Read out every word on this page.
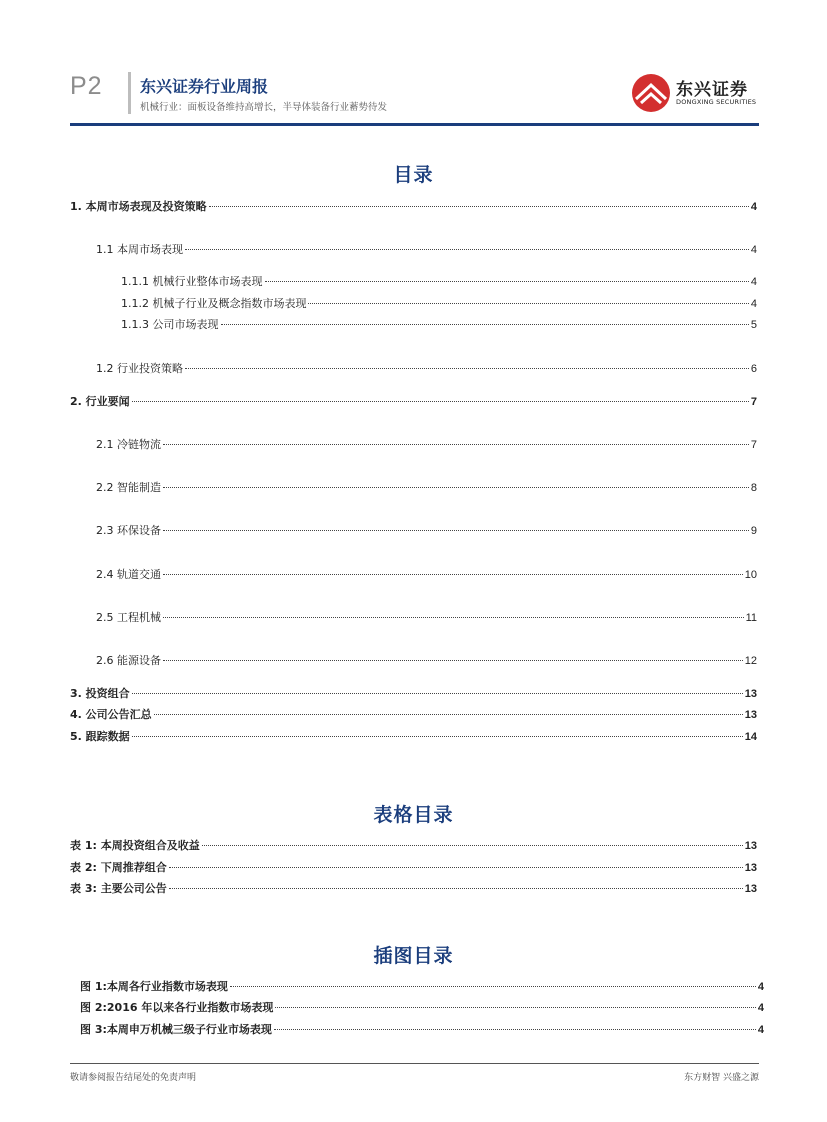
P2 东兴证券行业周报
机械行业：面板设备维持高增长，半导体装备行业蓄势待发
东兴证券
DONGXING SECURITIES
目录
1. 本周市场表现及投资策略	4
1.1 本周市场表现	4
1.1.1 机械行业整体市场表现	4
1.1.2 机械子行业及概念指数市场表现	4
1.1.3 公司市场表现	5
1.2 行业投资策略	6
2. 行业要闻	7
2.1 冷链物流	7
2.2 智能制造	8
2.3 环保设备	9
2.4 轨道交通	10
2.5 工程机械	11
2.6 能源设备	12
3. 投资组合	13
4. 公司公告汇总	13
5. 跟踪数据	14
表格目录
表 1: 本周投资组合及收益	13
表 2: 下周推荐组合	13
表 3: 主要公司公告	13
插图目录
图 1:本周各行业指数市场表现	4
图 2:2016 年以来各行业指数市场表现	4
图 3:本周申万机械三级子行业市场表现	4
敬请参阅报告结尾处的免责声明	东方财智 兴盛之源
